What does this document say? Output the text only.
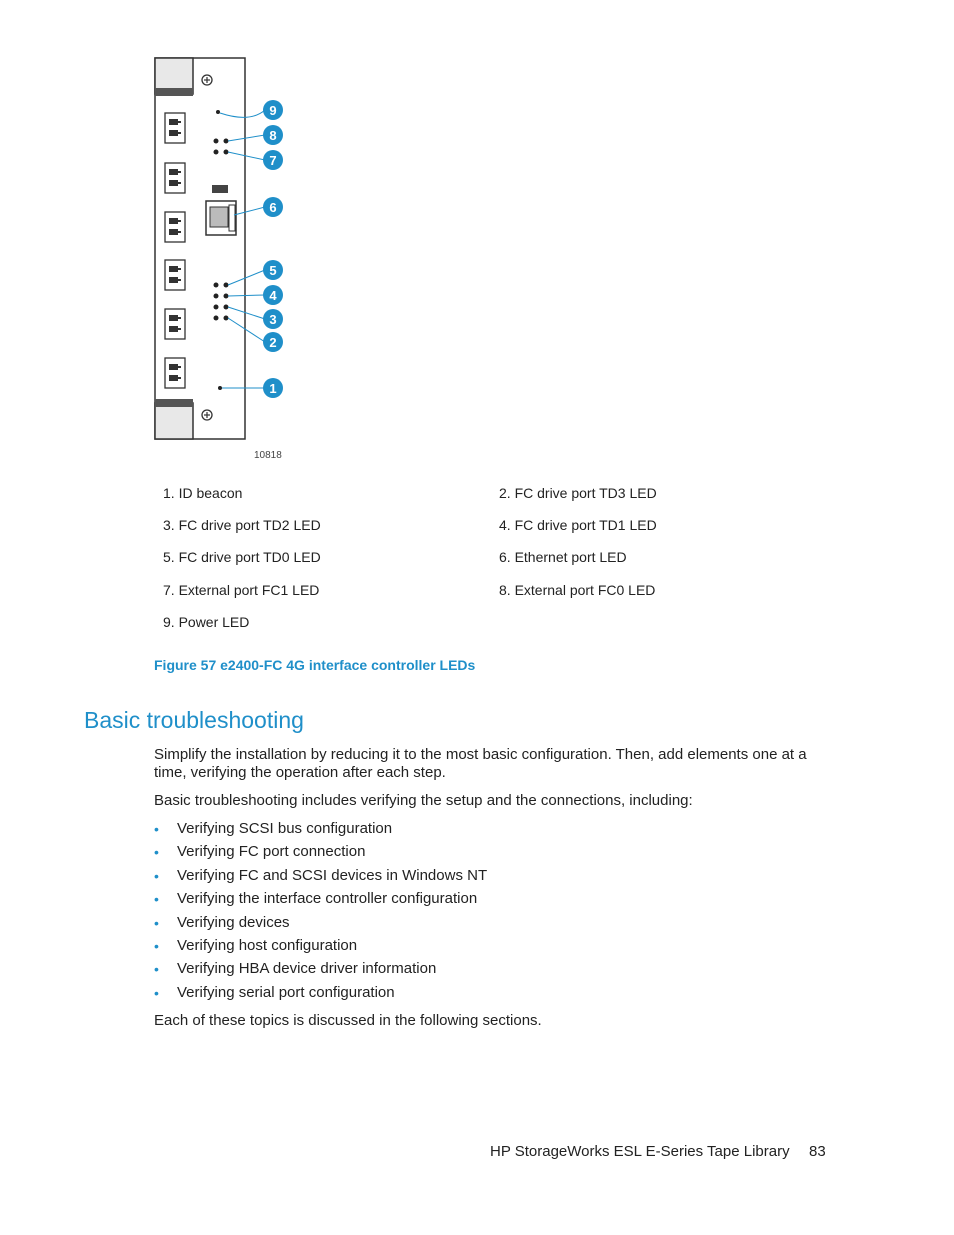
9
8
7
6
5
4
3
2
1
10818
1. ID beacon	2. FC drive port TD3 LED
3. FC drive port TD2 LED	4. FC drive port TD1 LED
5. FC drive port TD0 LED	6. Ethernet port LED
7. External port FC1 LED	8. External port FC0 LED
9. Power LED
Figure 57 e2400-FC 4G interface controller LEDs
Basic troubleshooting
Simplify the installation by reducing it to the most basic configuration. Then, add elements one at a time, verifying the operation after each step.
Basic troubleshooting includes verifying the setup and the connections, including:
•	Verifying SCSI bus configuration
•	Verifying FC port connection
•	Verifying FC and SCSI devices in Windows NT
•	Verifying the interface controller configuration
•	Verifying devices
•	Verifying host configuration
•	Verifying HBA device driver information
•	Verifying serial port configuration
Each of these topics is discussed in the following sections.
HP StorageWorks ESL E-Series Tape Library 83
